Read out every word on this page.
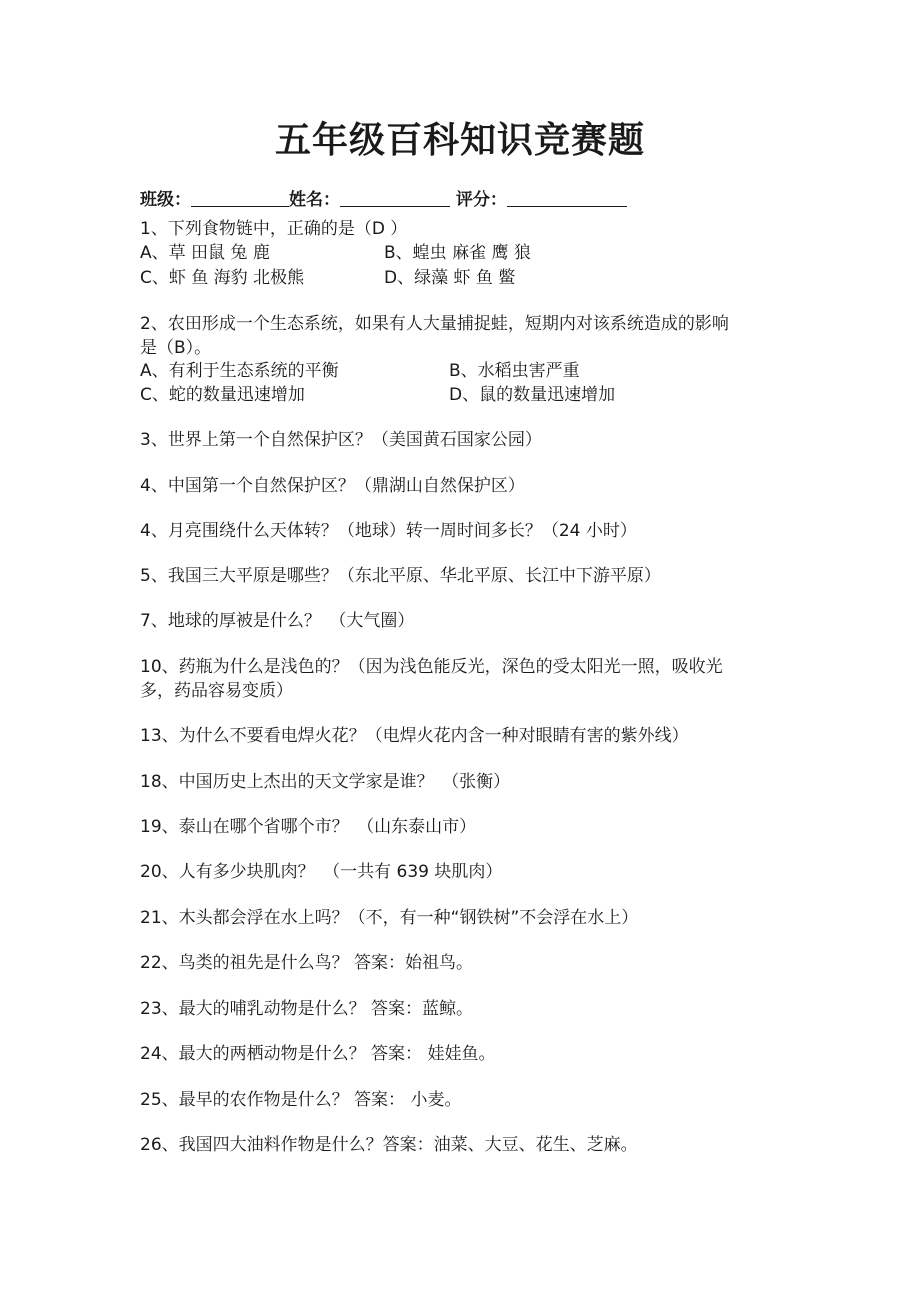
五年级百科知识竞赛题
班级：	姓名：	评分：
1、下列食物链中，正确的是（D ）
A、草 田鼠 兔 鹿	B、蝗虫 麻雀 鹰 狼
C、虾 鱼 海豹 北极熊	D、绿藻 虾 鱼 鳖
2、农田形成一个生态系统，如果有人大量捕捉蛙，短期内对该系统造成的影响
是（B）。
A、有利于生态系统的平衡	B、水稻虫害严重
C、蛇的数量迅速增加	D、鼠的数量迅速增加
3、世界上第一个自然保护区？（美国黄石国家公园）
4、中国第一个自然保护区？（鼎湖山自然保护区）
4、月亮围绕什么天体转？（地球）转一周时间多长？（24 小时）
5、我国三大平原是哪些？（东北平原、华北平原、长江中下游平原）
7、地球的厚被是什么？　（大气圈）
10、药瓶为什么是浅色的？（因为浅色能反光，深色的受太阳光一照，吸收光
多，药品容易变质）
13、为什么不要看电焊火花？（电焊火花内含一种对眼睛有害的紫外线）
18、中国历史上杰出的天文学家是谁？　（张衡）
19、泰山在哪个省哪个市？　（山东泰山市）
20、人有多少块肌肉？　（一共有 639 块肌肉）
21、木头都会浮在水上吗？（不，有一种“钢铁树”不会浮在水上）
22、鸟类的祖先是什么鸟？ 答案：始祖鸟。
23、最大的哺乳动物是什么？ 答案：蓝鲸。
24、最大的两栖动物是什么？ 答案： 娃娃鱼。
25、最早的农作物是什么？ 答案： 小麦。
26、我国四大油料作物是什么？答案：油菜、大豆、花生、芝麻。
